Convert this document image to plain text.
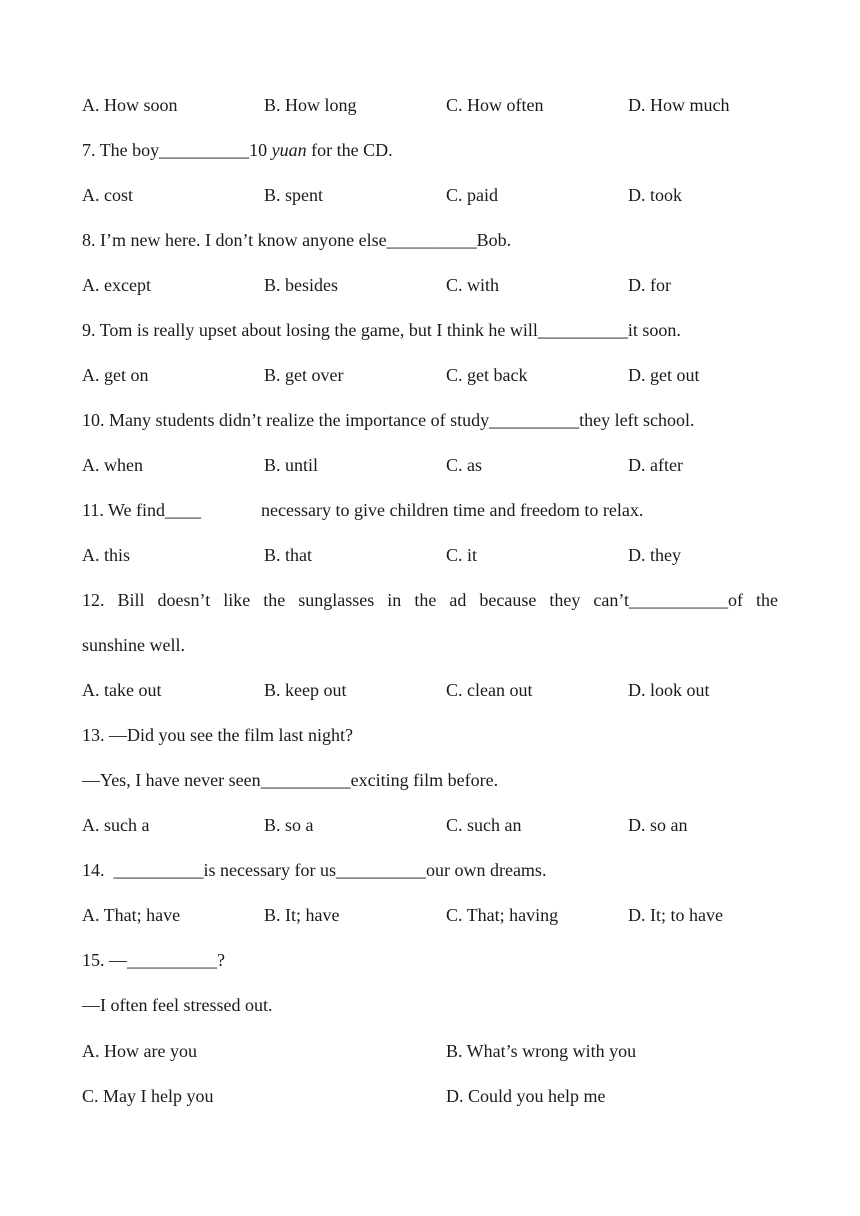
A. How soon	B. How long	C. How often	D. How much
7. The boy__________10 yuan for the CD.
A. cost	B. spent	C. paid	D. took
8. I’m new here. I don’t know anyone else__________Bob.
A. except	B. besides	C. with	D. for
9. Tom is really upset about losing the game, but I think he will__________it soon.
A. get on	B. get over	C. get back	D. get out
10. Many students didn’t realize the importance of study__________they left school.
A. when	B. until	C. as	D. after
11. We find____	necessary to give children time and freedom to relax.
A. this	B. that	C. it	D. they
12. Bill doesn’t like the sunglasses in the ad because they can’t___________of the
sunshine well.
A. take out	B. keep out	C. clean out	D. look out
13. —Did you see the film last night?
—Yes, I have never seen__________exciting film before.
A. such a	B. so a	C. such an	D. so an
14.  __________is necessary for us__________our own dreams.
A. That; have	B. It; have	C. That; having	D. It; to have
15. —__________?
—I often feel stressed out.
A. How are you	B. What’s wrong with you
C. May I help you	D. Could you help me
